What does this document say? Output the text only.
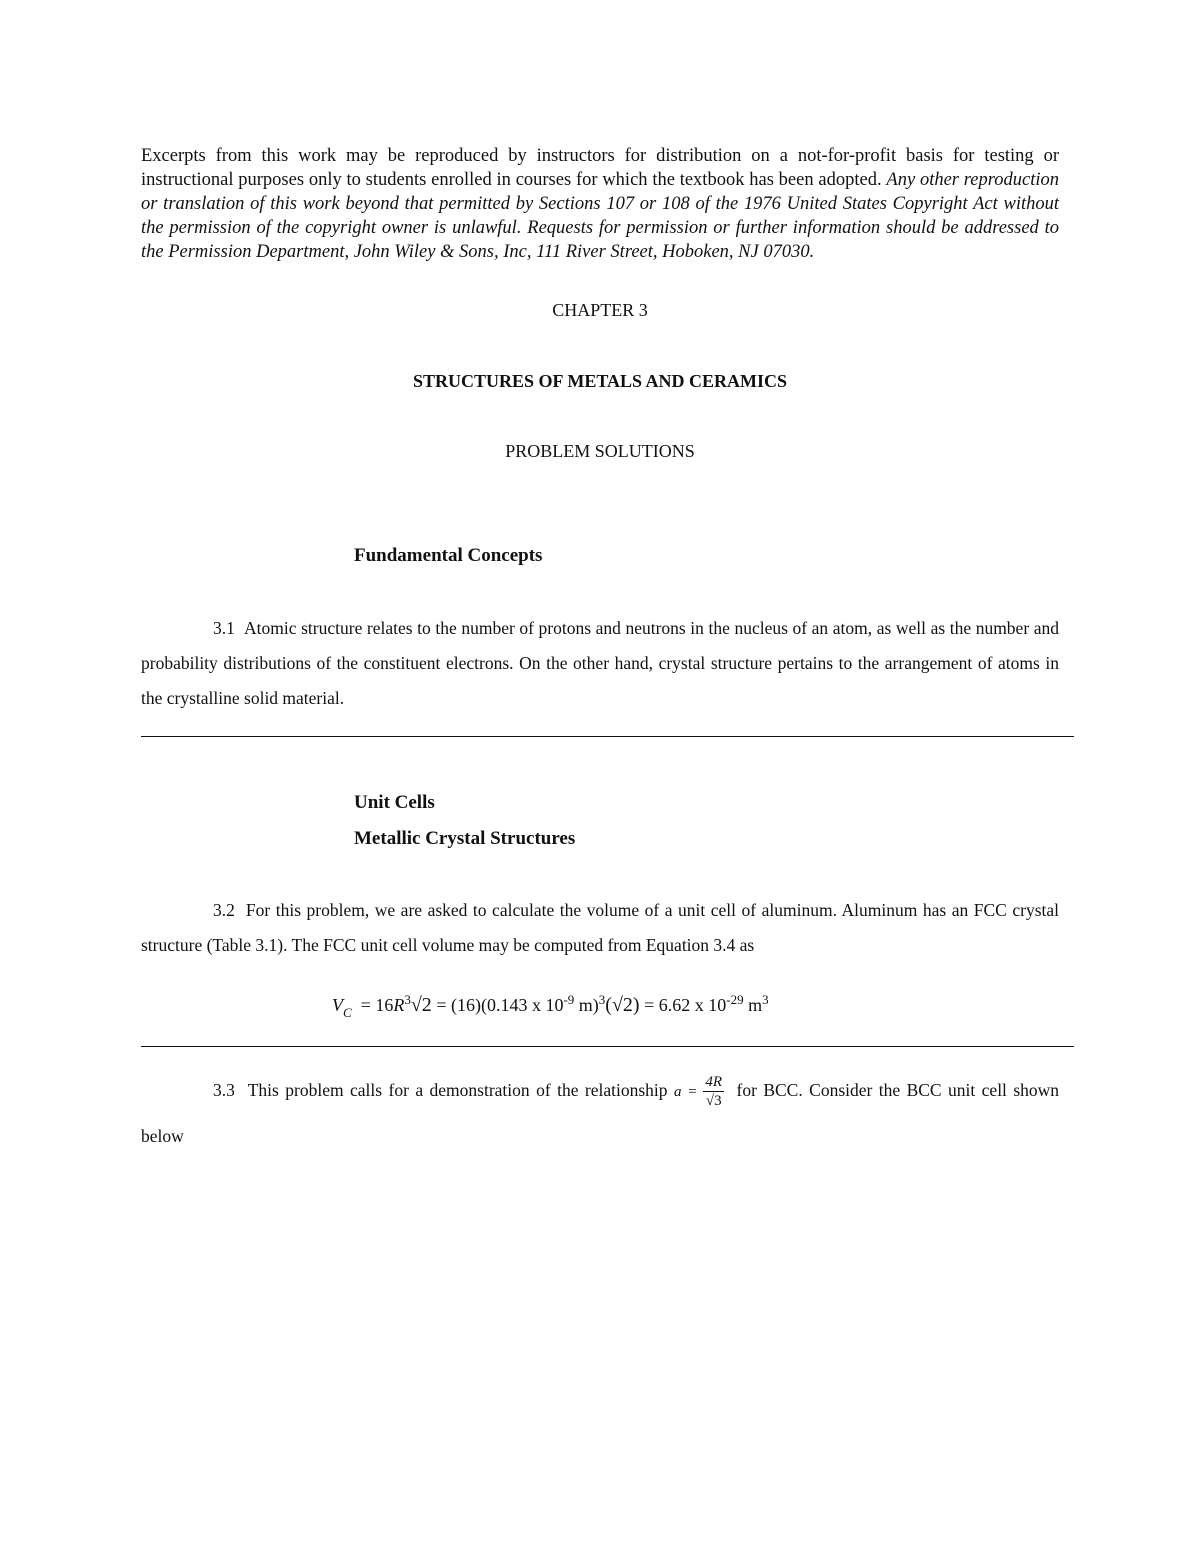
Excerpts from this work may be reproduced by instructors for distribution on a not-for-profit basis for testing or instructional purposes only to students enrolled in courses for which the textbook has been adopted. Any other reproduction or translation of this work beyond that permitted by Sections 107 or 108 of the 1976 United States Copyright Act without the permission of the copyright owner is unlawful. Requests for permission or further information should be addressed to the Permission Department, John Wiley & Sons, Inc, 111 River Street, Hoboken, NJ 07030.
CHAPTER 3
STRUCTURES OF METALS AND CERAMICS
PROBLEM SOLUTIONS
Fundamental Concepts
3.1 Atomic structure relates to the number of protons and neutrons in the nucleus of an atom, as well as the number and probability distributions of the constituent electrons. On the other hand, crystal structure pertains to the arrangement of atoms in the crystalline solid material.
Unit Cells
Metallic Crystal Structures
3.2 For this problem, we are asked to calculate the volume of a unit cell of aluminum. Aluminum has an FCC crystal structure (Table 3.1). The FCC unit cell volume may be computed from Equation 3.4 as
$V_C = 16R^3√2 = (16)(0.143$ x $10^{-9}$ m)$^3$(√2) = 6.62 x $10^{-29}$ $m^3$
3.3 This problem calls for a demonstration of the relationship $a = \frac{4R}{√3}$ for BCC. Consider the BCC unit cell shown below
